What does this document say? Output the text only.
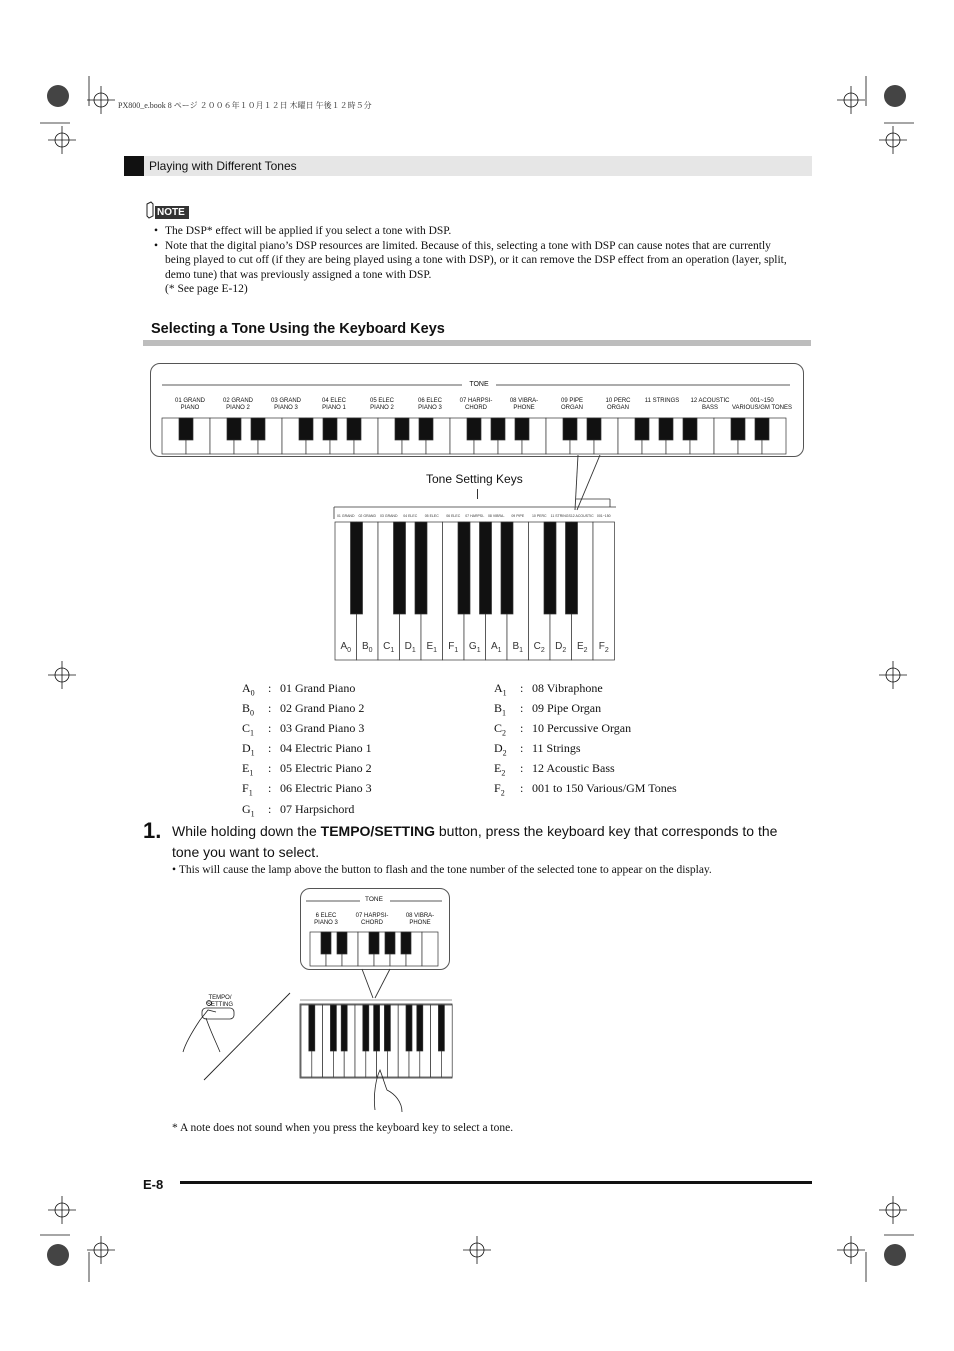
PX800_e.book 8 ページ ２００６年１０月１２日 木曜日 午後１２時５分
Playing with Different Tones
NOTE
• The DSP* effect will be applied if you select a tone with DSP.
• Note that the digital piano’s DSP resources are limited. Because of this, selecting a tone with DSP can cause notes that are currently being played to cut off (if they are being played using a tone with DSP), or it can remove the DSP effect from an operation (layer, split, demo tune) that was previously assigned a tone with DSP.
(* See page E-12)
Selecting a Tone Using the Keyboard Keys
TONE
01 GRAND
PIANO
02 GRAND
PIANO 2
03 GRAND
PIANO 3
04 ELEC
PIANO 1
05 ELEC
PIANO 2
06 ELEC
PIANO 3
07 HARPSI-
CHORD
08 VIBRA-
PHONE
09 PIPE
ORGAN
10 PERC
ORGAN
11 STRINGS	12 ACOUSTIC
BASS
001~150
VARIOUS/GM TONES
Tone Setting Keys
01 GRAND 02 GRAND 03 GRAND 04 ELEC 05 ELEC 06 ELEC 07 HARPSI- 08 VIBRA- 09 PIPE 10 PERC 11 STRINGS 12 ACOUSTIC 001~150
$A_0$	$B_0$	$C_1$	$D_1$	$E_1$	$F_1$	$G_1$	$A_1$	$B_1$	$C_2$	$D_2$	$E_2$	$F_2$
$A_0$ : 01 Grand Piano
$B_0$ : 02 Grand Piano 2
$C_1$ : 03 Grand Piano 3
$D_1$ : 04 Electric Piano 1
$E_1$ : 05 Electric Piano 2
$F_1$ : 06 Electric Piano 3
$G_1$ : 07 Harpsichord
$A_1$ : 08 Vibraphone
$B_1$ : 09 Pipe Organ
$C_2$ : 10 Percussive Organ
$D_2$ : 11 Strings
$E_2$ : 12 Acoustic Bass
$F_2$ : 001 to 150 Various/GM Tones
1. While holding down the TEMPO/SETTING button, press the keyboard key that corresponds to the
tone you want to select.
• This will cause the lamp above the button to flash and the tone number of the selected tone to appear on the display.
TONE
6 ELEC
PIANO 3
07 HARPSI-
CHORD
08 VIBRA-
PHONE
TEMPO/
SETTING
* A note does not sound when you press the keyboard key to select a tone.
E-8
